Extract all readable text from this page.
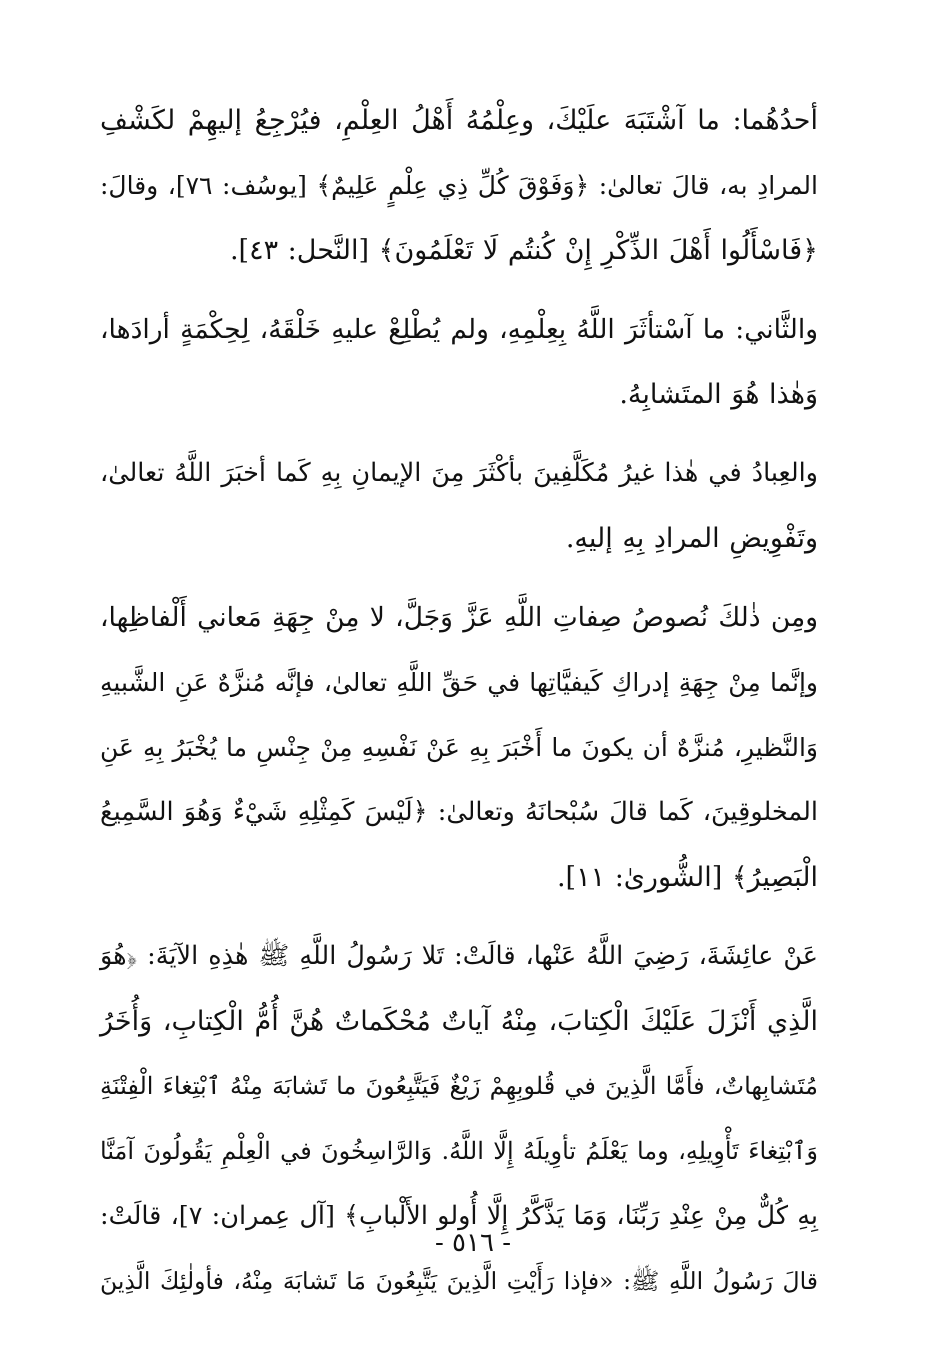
أحدُهُما: ما آشْتَبَهَ علَيْكَ، وعِلْمُهُ أَهْلُ العِلْمِ، فيُرْجِعُ إليهِمْ لكَشْفِ
المرادِ به، قالَ تعالىٰ: ﴿وَفَوْقَ كُلِّ ذِي عِلْمٍ عَلِيمٌ﴾ [يوسُف: ٧٦]، وقالَ:
﴿فَاسْأَلُوا أَهْلَ الذِّكْرِ إِنْ كُنتُم لَا تَعْلَمُونَ﴾ [النَّحل: ٤٣].

والثَّاني: ما آسْتأثَرَ اللَّهُ بِعِلْمِهِ، ولم يُطْلِعْ عليهِ خَلْقَهُ، لِحِكْمَةٍ أرادَها،
وَهٰذا هُوَ المتَشابِهُ.

والعِبادُ في هٰذا غيرُ مُكَلَّفِينَ بأكْثَرَ مِنَ الإيمانِ بِهِ كَما أخبَرَ اللَّهُ تعالىٰ،
وتَفْوِيضِ المرادِ بِهِ إليهِ.

ومِن ذٰلكَ نُصوصُ صِفاتِ اللَّهِ عَزَّ وَجَلَّ، لا مِنْ جِهَةِ مَعاني أَلْفاظِها،
وإنَّما مِنْ جِهَةِ إدراكِ كَيفيَّاتِها في حَقِّ اللَّهِ تعالىٰ، فإنَّه مُنزَّهٌ عَنِ الشَّبيهِ
وَالنَّظيرِ، مُنزَّهٌ أن يكونَ ما أَخْبَرَ بِهِ عَنْ نَفْسِهِ مِنْ جِنْسِ ما يُخْبَرُ بِهِ عَنِ
المخلوقِينَ، كَما قالَ سُبْحانَهُ وتعالىٰ: ﴿لَيْسَ كَمِثْلِهِ شَيْءٌ وَهُوَ السَّمِيعُ
الْبَصِيرُ﴾ [الشُّورىٰ: ١١].

عَنْ عائِشَةَ، رَضِيَ اللَّهُ عَنْها، قالَتْ: تَلا رَسُولُ اللَّهِ ﷺ هٰذِهِ الآيَةَ: ﴿هُوَ
الَّذِي أَنْزَلَ عَلَيْكَ الْكِتابَ، مِنْهُ آياتٌ مُحْكَماتٌ هُنَّ أُمُّ الْكِتابِ، وَأُخَرُ
مُتَشابِهاتٌ، فأَمَّا الَّذِينَ في قُلوبِهِمْ زَيْغٌ فَيَتَّبِعُونَ ما تَشابَهَ مِنْهُ ٱبْتِغاءَ الْفِتْنَةِ
وَٱبْتِغاءَ تَأْوِيلِهِ، وما يَعْلَمُ تأوِيلَهُ إِلَّا اللَّهُ. وَالرَّاسِخُونَ في الْعِلْمِ يَقُولُونَ آمَنَّا
بِهِ كُلٌّ مِنْ عِنْدِ رَبِّنَا، وَمَا يَذَّكَّرُ إِلَّا أُولو الأَلْبابِ﴾ [آل عِمران: ٧]، قالَتْ:
قالَ رَسُولُ اللَّهِ ﷺ: «فإذا رَأَيْتِ الَّذِينَ يَتَّبِعُونَ مَا تَشابَهَ مِنْهُ، فأولٰئِكَ الَّذِينَ

- ٥١٦ -
